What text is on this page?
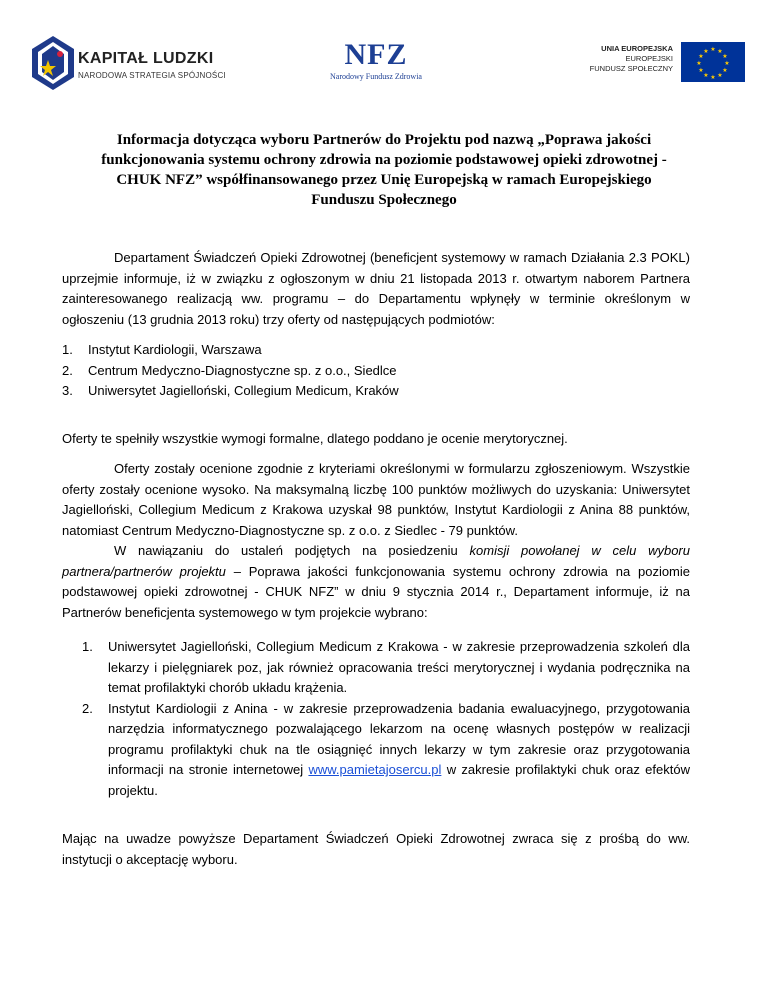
KAPITAŁ LUDZKI
NARODOWA STRATEGIA SPÓJNOŚCI
NFZ
Narodowy Fundusz Zdrowia
UNIA EUROPEJSKA
EUROPEJSKI
FUNDUSZ SPOŁECZNY
★ ★
★
★
★
★
★
★
★
★
★
★
Informacja dotycząca wyboru Partnerów do Projektu pod nazwą „Poprawa jakości funkcjonowania systemu ochrony zdrowia na poziomie podstawowej opieki zdrowotnej - CHUK NFZ” współfinansowanego przez Unię Europejską w ramach Europejskiego Funduszu Społecznego

Departament Świadczeń Opieki Zdrowotnej (beneficjent systemowy w ramach Działania 2.3 POKL) uprzejmie informuje, iż w związku z ogłoszonym w dniu 21 listopada 2013 r. otwartym naborem Partnera zainteresowanego realizacją ww. programu – do Departamentu wpłynęły w terminie określonym w ogłoszeniu (13 grudnia 2013 roku) trzy oferty od następujących podmiotów:

1. Instytut Kardiologii, Warszawa
2. Centrum Medyczno-Diagnostyczne sp. z o.o., Siedlce
3. Uniwersytet Jagielloński, Collegium Medicum, Kraków

Oferty te spełniły wszystkie wymogi formalne, dlatego poddano je ocenie merytorycznej.

Oferty zostały ocenione zgodnie z kryteriami określonymi w formularzu zgłoszeniowym. Wszystkie oferty zostały ocenione wysoko. Na maksymalną liczbę 100 punktów możliwych do uzyskania: Uniwersytet Jagielloński, Collegium Medicum z Krakowa uzyskał 98 punktów, Instytut Kardiologii z Anina 88 punktów, natomiast Centrum Medyczno-Diagnostyczne sp. z o.o. z Siedlec - 79 punktów.

W nawiązaniu do ustaleń podjętych na posiedzeniu komisji powołanej w celu wyboru partnera/partnerów projektu – Poprawa jakości funkcjonowania systemu ochrony zdrowia na poziomie podstawowej opieki zdrowotnej - CHUK NFZ” w dniu 9 stycznia 2014 r., Departament informuje, iż na Partnerów beneficjenta systemowego w tym projekcie wybrano:

1. Uniwersytet Jagielloński, Collegium Medicum z Krakowa - w zakresie przeprowadzenia szkoleń dla lekarzy i pielęgniarek poz, jak również opracowania treści merytorycznej i wydania podręcznika na temat profilaktyki chorób układu krążenia.
2. Instytut Kardiologii z Anina - w zakresie przeprowadzenia badania ewaluacyjnego, przygotowania narzędzia informatycznego pozwalającego lekarzom na ocenę własnych postępów w realizacji programu profilaktyki chuk na tle osiągnięć innych lekarzy w tym zakresie oraz przygotowania informacji na stronie internetowej www.pamietajosercu.pl w zakresie profilaktyki chuk oraz efektów projektu.

Mając na uwadze powyższe Departament Świadczeń Opieki Zdrowotnej zwraca się z prośbą do ww. instytucji o akceptację wyboru.
